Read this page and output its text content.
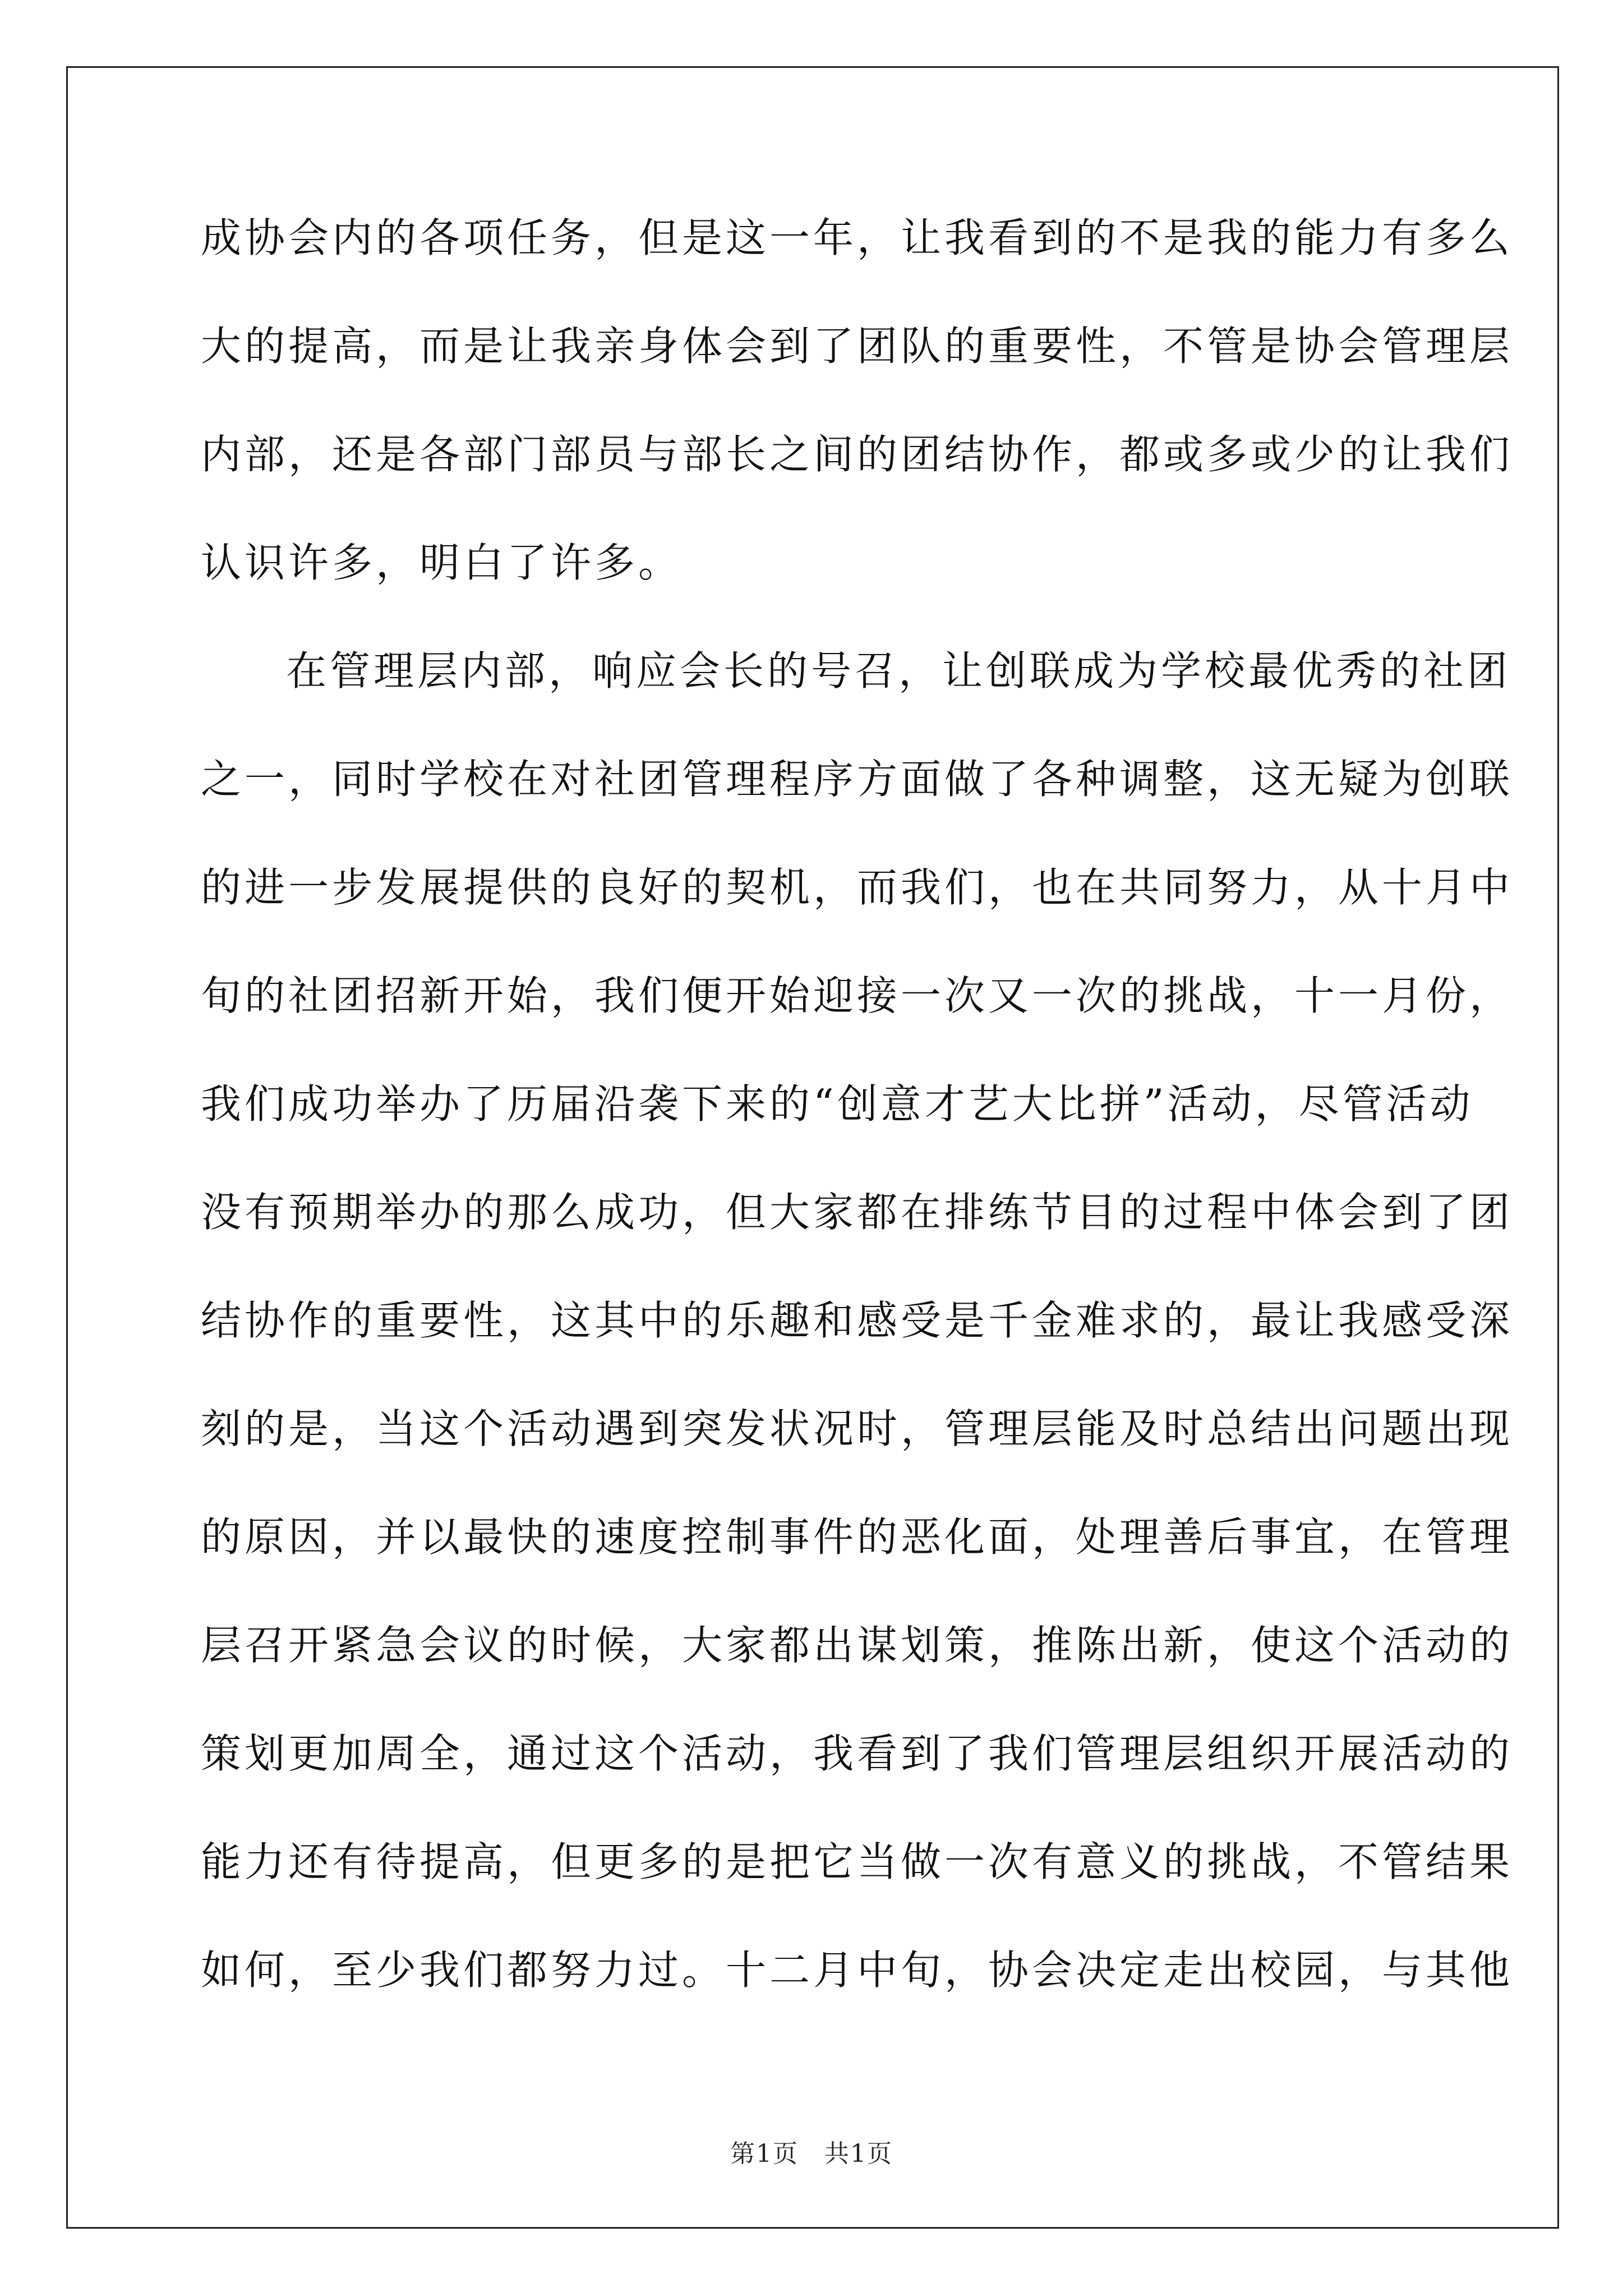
成协会内的各项任务，但是这一年，让我看到的不是我的能力有多么
大的提高，而是让我亲身体会到了团队的重要性，不管是协会管理层
内部，还是各部门部员与部长之间的团结协作，都或多或少的让我们
认识许多，明白了许多。
在管理层内部，响应会长的号召，让创联成为学校最优秀的社团
之一，同时学校在对社团管理程序方面做了各种调整，这无疑为创联
的进一步发展提供的良好的契机，而我们，也在共同努力，从十月中
旬的社团招新开始，我们便开始迎接一次又一次的挑战，十一月份，
我们成功举办了历届沿袭下来的“创意才艺大比拼”活动，尽管活动
没有预期举办的那么成功，但大家都在排练节目的过程中体会到了团
结协作的重要性，这其中的乐趣和感受是千金难求的，最让我感受深
刻的是，当这个活动遇到突发状况时，管理层能及时总结出问题出现
的原因，并以最快的速度控制事件的恶化面，处理善后事宜，在管理
层召开紧急会议的时候，大家都出谋划策，推陈出新，使这个活动的
策划更加周全，通过这个活动，我看到了我们管理层组织开展活动的
能力还有待提高，但更多的是把它当做一次有意义的挑战，不管结果
如何，至少我们都努力过。十二月中旬，协会决定走出校园，与其他
第1页　共1页
